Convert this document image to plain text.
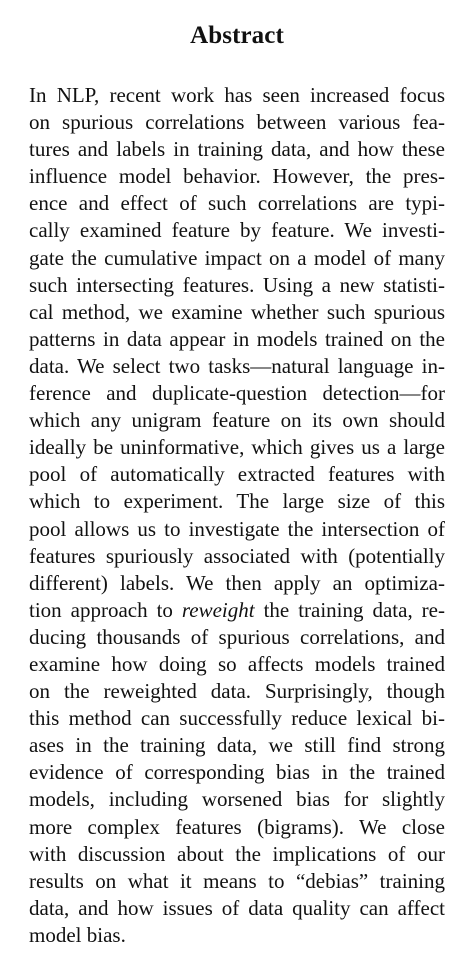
Abstract
In NLP, recent work has seen increased focus
on spurious correlations between various fea-
tures and labels in training data, and how these
influence model behavior. However, the pres-
ence and effect of such correlations are typi-
cally examined feature by feature. We investi-
gate the cumulative impact on a model of many
such intersecting features. Using a new statisti-
cal method, we examine whether such spurious
patterns in data appear in models trained on the
data. We select two tasks—natural language in-
ference and duplicate-question detection—for
which any unigram feature on its own should
ideally be uninformative, which gives us a large
pool of automatically extracted features with
which to experiment. The large size of this
pool allows us to investigate the intersection of
features spuriously associated with (potentially
different) labels. We then apply an optimiza-
tion approach to reweight the training data, re-
ducing thousands of spurious correlations, and
examine how doing so affects models trained
on the reweighted data. Surprisingly, though
this method can successfully reduce lexical bi-
ases in the training data, we still find strong
evidence of corresponding bias in the trained
models, including worsened bias for slightly
more complex features (bigrams). We close
with discussion about the implications of our
results on what it means to “debias” training
data, and how issues of data quality can affect
model bias.
